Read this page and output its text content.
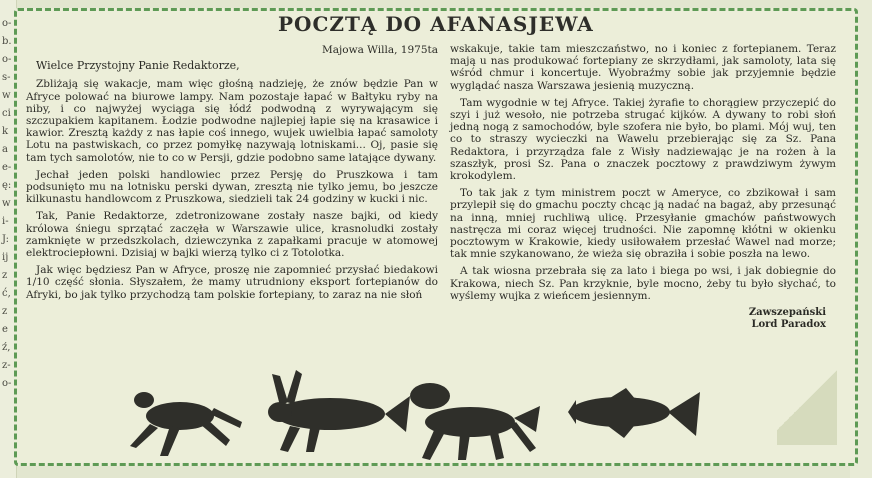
o-
b.
o-
s-
w
ci
k
a
e-
ę:
w
i-
J:
ij
z
ć,
z
e
ź,
z-
o-
POCZTĄ DO AFANASJEWA
Majowa Willa, 1975ta
Wielce Przystojny Panie Redaktorze,

Zbliżają się wakacje, mam więc głośną nadzieję, że znów będzie Pan w Afryce polować na biurowe lampy. Nam pozostaje łapać w Bałtyku ryby na niby, i co najwyżej wyciąga się łódź podwodną z wyrywającym się szczupakiem kapitanem. Łodzie podwodne najlepiej łapie się na krasawice i kawior. Zresztą każdy z nas łapie coś innego, wujek uwielbia łapać samoloty Lotu na pastwiskach, co przez pomyłkę nazywają lotniskami... Oj, pasie się tam tych samolotów, nie to co w Persji, gdzie podobno same latające dywany.

Jechał jeden polski handlowiec przez Persję do Pruszkowa i tam podsunięto mu na lotnisku perski dywan, zresztą nie tylko jemu, bo jeszcze kilkunastu handlowcom z Pruszkowa, siedzieli tak 24 godziny w kucki i nic.

Tak, Panie Redaktorze, zdetronizowane zostały nasze bajki, od kiedy królowa śniegu sprzątać zaczęła w Warszawie ulice, krasnoludki zostały zamknięte w przedszkolach, dziewczynka z zapałkami pracuje w atomowej elektrociepłowni. Dzisiaj w bajki wierzą tylko ci z Totolotka.

Jak więc będziesz Pan w Afryce, proszę nie zapomnieć przysłać biedakowi 1/10 część słonia. Słyszałem, że mamy utrudniony eksport fortepianów do Afryki, bo jak tylko przychodzą tam polskie fortepiany, to zaraz na nie słoń

wskakuje, takie tam mieszczaństwo, no i koniec z fortepianem. Teraz mają u nas produkować fortepiany ze skrzydłami, jak samoloty, lata się wśród chmur i koncertuje. Wyobraźmy sobie jak przyjemnie będzie wyglądać nasza Warszawa jesienią muzyczną.

Tam wygodnie w tej Afryce. Takiej żyrafie to chorągiew przyczepić do szyi i już wesoło, nie potrzeba strugać kijków. A dywany to robi słoń jedną nogą z samochodów, byle szofera nie było, bo plami. Mój wuj, ten co to straszy wycieczki na Wawelu przebierając się za Sz. Pana Redaktora, i przyrządza fale z Wisły nadziewając je na rożen à la szaszłyk, prosi Sz. Pana o znaczek pocztowy z prawdziwym żywym krokodylem.

To tak jak z tym ministrem poczt w Ameryce, co zbzikował i sam przylepił się do gmachu poczty chcąc ją nadać na bagaż, aby przesunąć na inną, mniej ruchliwą ulicę. Przesyłanie gmachów państwowych nastręcza mi coraz więcej trudności. Nie zapomnę kłótni w okienku pocztowym w Krakowie, kiedy usiłowałem przesłać Wawel nad morze; tak mnie szykanowano, że wieża się obraziła i sobie poszła na lewo.

A tak wiosna przebrała się za lato i biega po wsi, i jak dobiegnie do Krakowa, niech Sz. Pan krzyknie, byle mocno, żeby tu było słychać, to wyślemy wujka z wieńcem jesiennym.

Zawszepański
Lord Paradox
